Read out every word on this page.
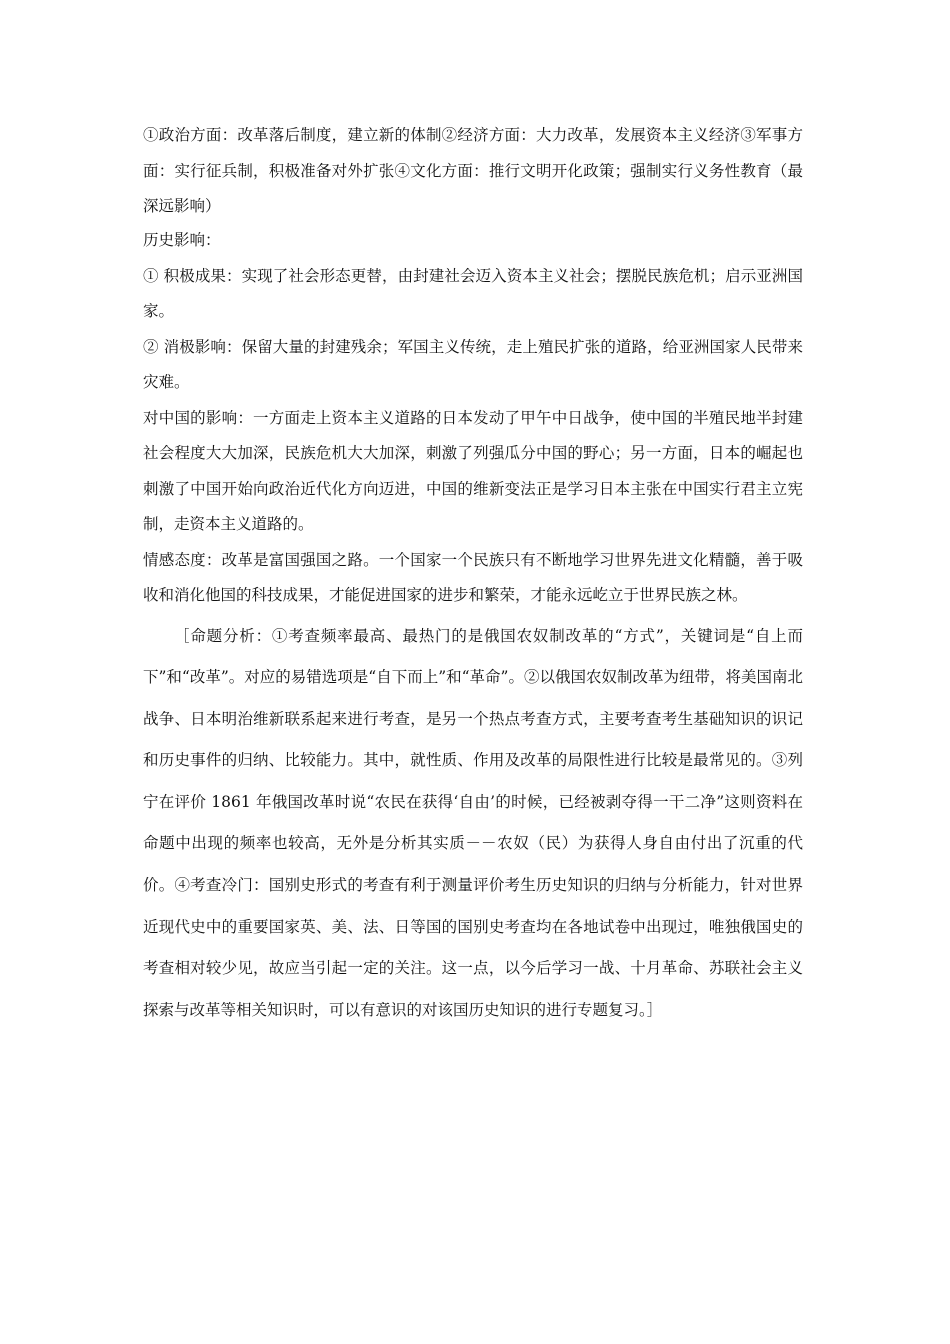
①政治方面：改革落后制度，建立新的体制②经济方面：大力改革，发展资本主义经济③军事方面：实行征兵制，积极准备对外扩张④文化方面：推行文明开化政策；强制实行义务性教育（最深远影响）

历史影响：

① 积极成果：实现了社会形态更替，由封建社会迈入资本主义社会；摆脱民族危机；启示亚洲国家。

② 消极影响：保留大量的封建残余；军国主义传统，走上殖民扩张的道路，给亚洲国家人民带来灾难。

对中国的影响：一方面走上资本主义道路的日本发动了甲午中日战争，使中国的半殖民地半封建社会程度大大加深，民族危机大大加深，刺激了列强瓜分中国的野心；另一方面，日本的崛起也刺激了中国开始向政治近代化方向迈进，中国的维新变法正是学习日本主张在中国实行君主立宪制，走资本主义道路的。

情感态度：改革是富国强国之路。一个国家一个民族只有不断地学习世界先进文化精髓，善于吸收和消化他国的科技成果，才能促进国家的进步和繁荣，才能永远屹立于世界民族之林。

［命题分析：①考查频率最高、最热门的是俄国农奴制改革的“方式”，关键词是“自上而下”和“改革”。对应的易错选项是“自下而上”和“革命”。②以俄国农奴制改革为纽带，将美国南北战争、日本明治维新联系起来进行考查，是另一个热点考查方式，主要考查考生基础知识的识记和历史事件的归纳、比较能力。其中，就性质、作用及改革的局限性进行比较是最常见的。③列宁在评价 1861 年俄国改革时说“农民在获得‘自由’的时候，已经被剥夺得一干二净”这则资料在命题中出现的频率也较高，无外是分析其实质－－农奴（民）为获得人身自由付出了沉重的代价。④考查冷门：国别史形式的考查有利于测量评价考生历史知识的归纳与分析能力，针对世界近现代史中的重要国家英、美、法、日等国的国别史考查均在各地试卷中出现过，唯独俄国史的考查相对较少见，故应当引起一定的关注。这一点，以今后学习一战、十月革命、苏联社会主义探索与改革等相关知识时，可以有意识的对该国历史知识的进行专题复习。］
